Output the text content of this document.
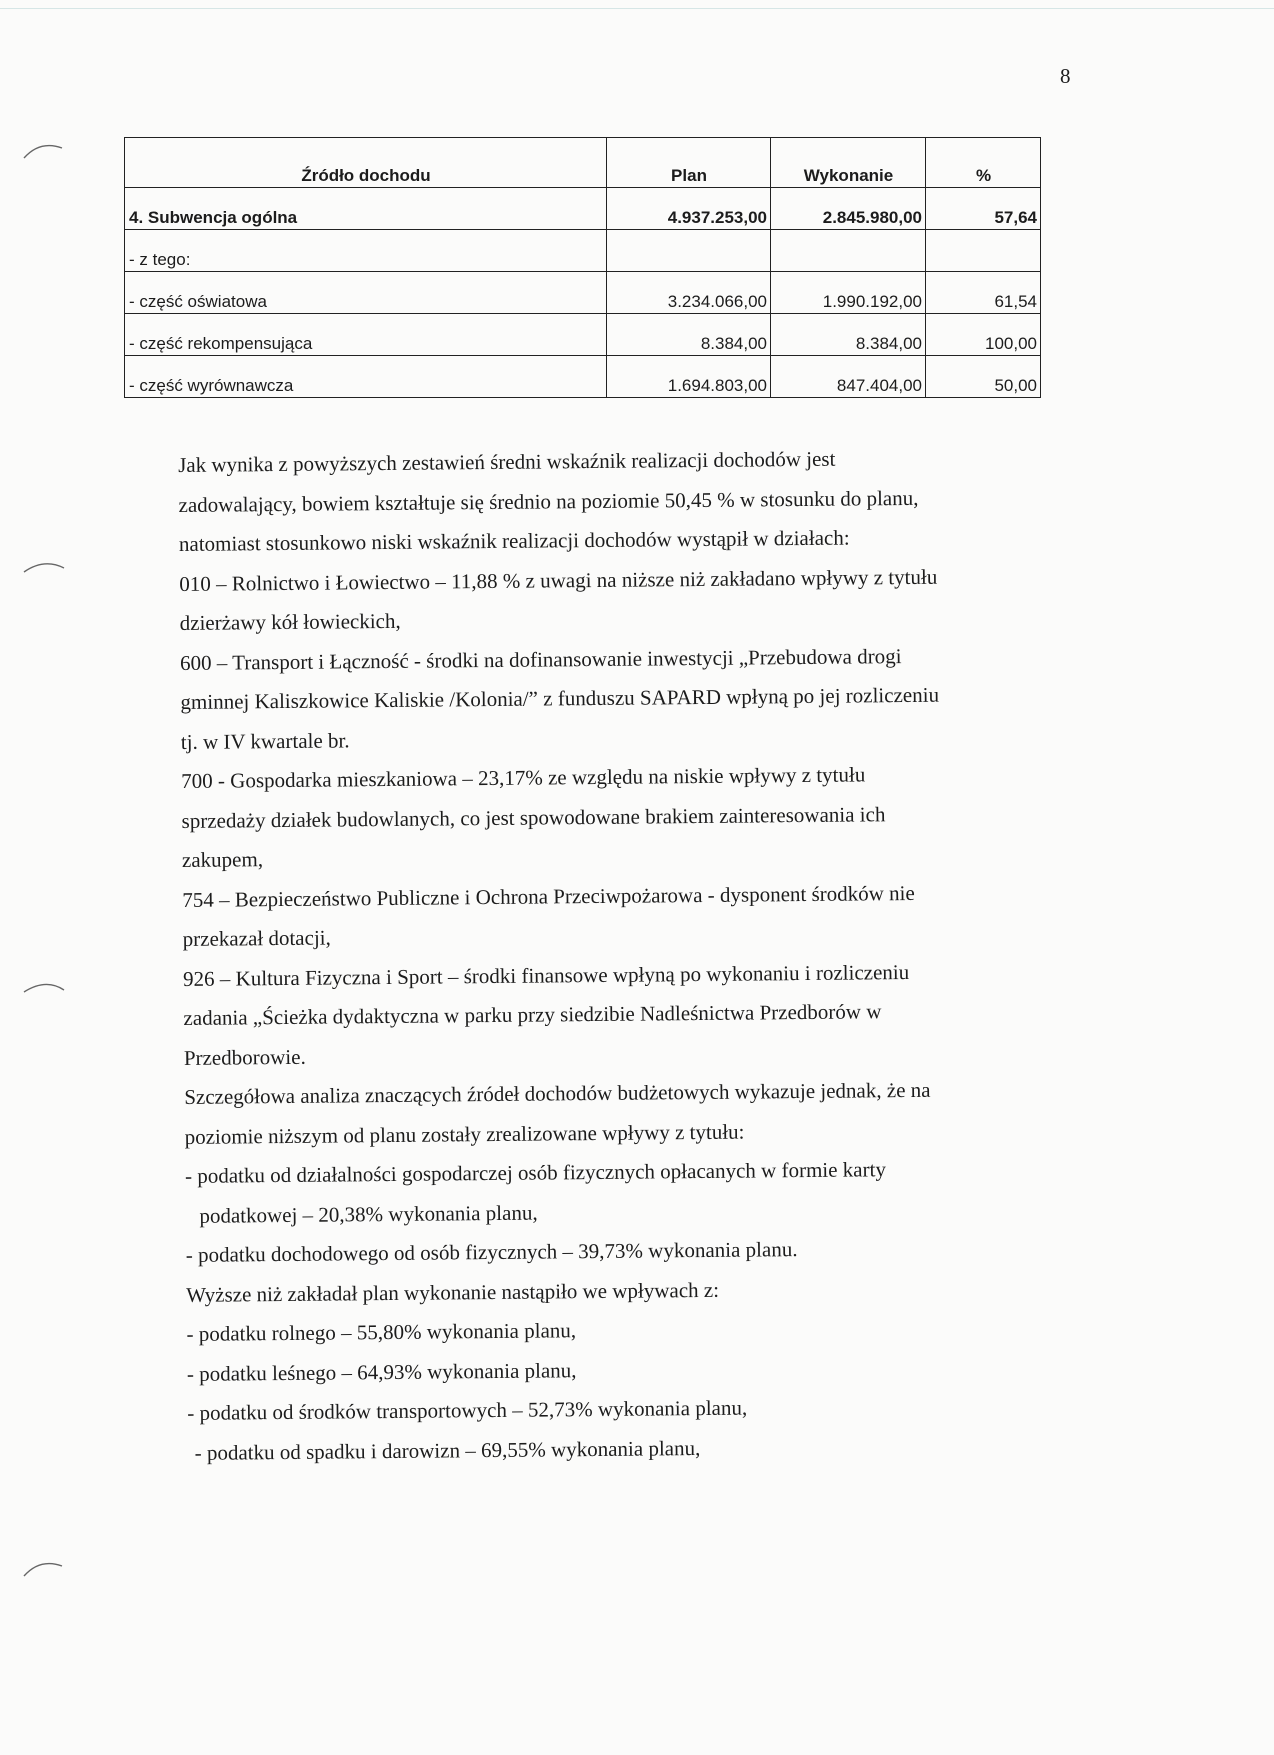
8
Źródło dochodu	Plan	Wykonanie	%
4. Subwencja ogólna	4.937.253,00	2.845.980,00	57,64
- z tego:			
- część oświatowa	3.234.066,00	1.990.192,00	61,54
- część rekompensująca	8.384,00	8.384,00	100,00
- część wyrównawcza	1.694.803,00	847.404,00	50,00

Jak wynika z powyższych zestawień średni wskaźnik realizacji dochodów jest

zadowalający, bowiem kształtuje się średnio na poziomie 50,45 % w stosunku do planu,

natomiast stosunkowo niski wskaźnik realizacji dochodów wystąpił w działach:

010 – Rolnictwo i Łowiectwo – 11,88 % z uwagi na niższe niż zakładano wpływy z tytułu

dzierżawy kół łowieckich,

600 – Transport i Łączność - środki na dofinansowanie inwestycji „Przebudowa drogi

gminnej Kaliszkowice Kaliskie /Kolonia/” z funduszu SAPARD wpłyną po jej rozliczeniu

tj. w IV kwartale br.

700 - Gospodarka mieszkaniowa – 23,17% ze względu na niskie wpływy z tytułu

sprzedaży działek budowlanych, co jest spowodowane brakiem zainteresowania ich

zakupem,

754 – Bezpieczeństwo Publiczne i Ochrona Przeciwpożarowa - dysponent środków nie

przekazał dotacji,

926 – Kultura Fizyczna i Sport – środki finansowe wpłyną po wykonaniu i rozliczeniu

zadania „Ścieżka dydaktyczna w parku przy siedzibie Nadleśnictwa Przedborów w

Przedborowie.

Szczegółowa analiza znaczących źródeł dochodów budżetowych wykazuje jednak, że na

poziomie niższym od planu zostały zrealizowane wpływy z tytułu:

- podatku od działalności gospodarczej osób fizycznych opłacanych w formie karty

podatkowej – 20,38% wykonania planu,

- podatku dochodowego od osób fizycznych – 39,73% wykonania planu.

Wyższe niż zakładał plan wykonanie nastąpiło we wpływach z:

- podatku rolnego – 55,80% wykonania planu,

- podatku leśnego – 64,93% wykonania planu,

- podatku od środków transportowych – 52,73% wykonania planu,

- podatku od spadku i darowizn – 69,55% wykonania planu,
